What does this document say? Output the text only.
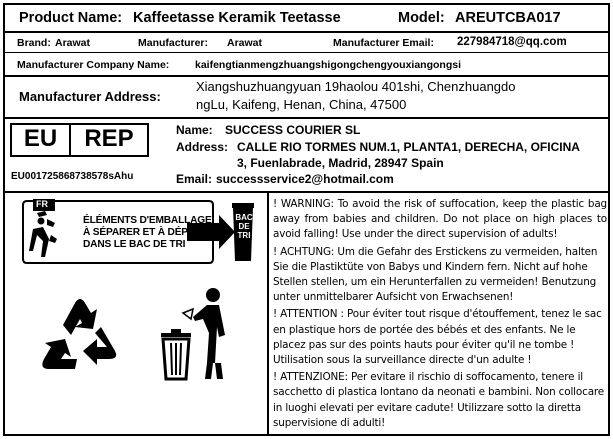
Product Name: Kaffeetasse Keramik Teetasse	Model: AREUTCBA017
Brand: Arawat	Manufacturer: Arawat	Manufacturer Email: 227984718@qq.com
Manufacturer Company Name: kaifengtianmengzhuangshigongchengyouxiangongsi
Manufacturer Address:
Xiangshuzhuangyuan 19haolou 401shi, Chenzhuangdo
ngLu, Kaifeng, Henan, China, 47500
EU	REP
EU001725868738578sAhu
Name: SUCCESS COURIER SL
Address: CALLE RIO TORMES NUM.1, PLANTA1, DERECHA, OFICINA
3, Fuenlabrade, Madrid, 28947 Spain
Email: successservice2@hotmail.com
FR
ÉLÉMENTS D'EMBALLAGE
À SÉPARER ET À DÉPOSER
DANS LE BAC DE TRI
BAC
DE
TRI

! WARNING: To avoid the risk of suffocation, keep the plastic bag away from babies and children. Do not place on high places to avoid falling! Use under the direct supervision of adults!

! ACHTUNG: Um die Gefahr des Erstickens zu vermeiden, halten Sie die Plastiktüte von Babys und Kindern fern. Nicht auf hohe Stellen stellen, um ein Herunterfallen zu vermeiden! Benutzung unter unmittelbarer Aufsicht von Erwachsenen!

! ATTENTION : Pour éviter tout risque d'étouffement, tenez le sac en plastique hors de portée des bébés et des enfants. Ne le placez pas sur des points hauts pour éviter qu'il ne tombe ! Utilisation sous la surveillance directe d'un adulte !

! ATTENZIONE: Per evitare il rischio di soffocamento, tenere il sacchetto di plastica lontano da neonati e bambini. Non collocare in luoghi elevati per evitare cadute! Utilizzare sotto la diretta supervisione di adulti!
